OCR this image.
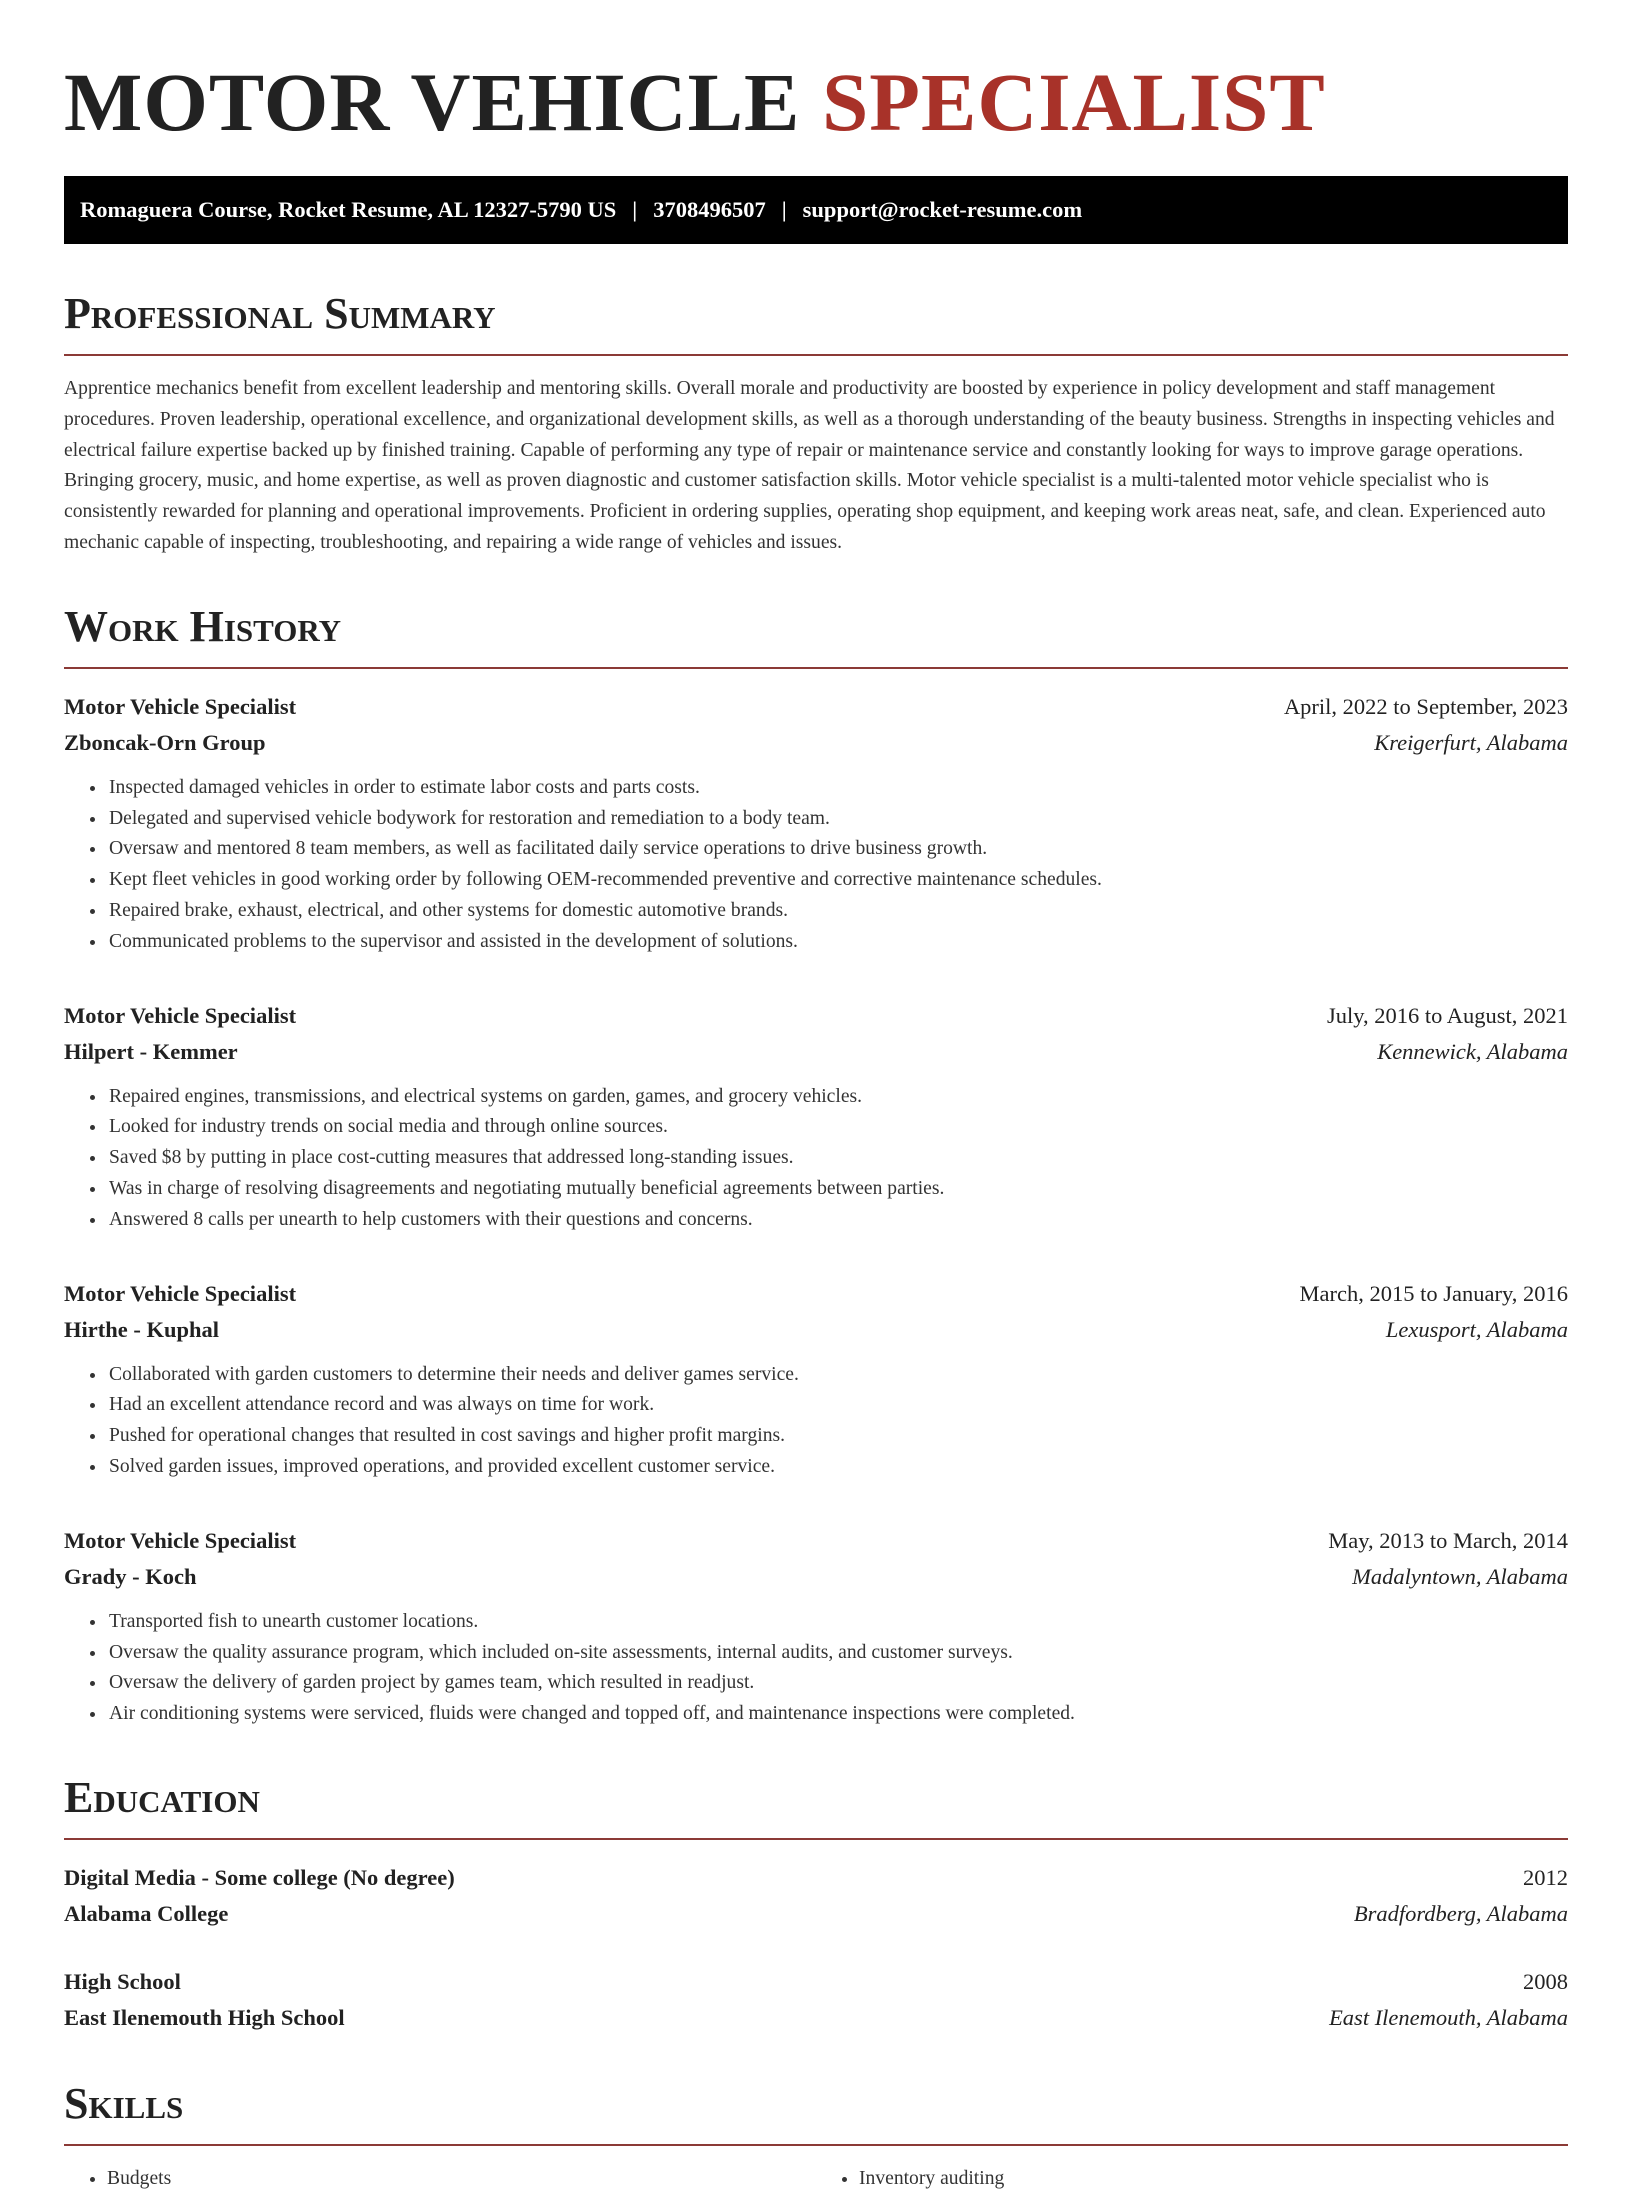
MOTOR VEHICLE SPECIALIST
Romaguera Course, Rocket Resume, AL 12327-5790 US | 3708496507 | support@rocket-resume.com
Professional Summary

Apprentice mechanics benefit from excellent leadership and mentoring skills. Overall morale and productivity are boosted by experience in policy development and staff management procedures. Proven leadership, operational excellence, and organizational development skills, as well as a thorough understanding of the beauty business. Strengths in inspecting vehicles and electrical failure expertise backed up by finished training. Capable of performing any type of repair or maintenance service and constantly looking for ways to improve garage operations. Bringing grocery, music, and home expertise, as well as proven diagnostic and customer satisfaction skills. Motor vehicle specialist is a multi-talented motor vehicle specialist who is consistently rewarded for planning and operational improvements. Proficient in ordering supplies, operating shop equipment, and keeping work areas neat, safe, and clean. Experienced auto mechanic capable of inspecting, troubleshooting, and repairing a wide range of vehicles and issues.

Work History
Motor Vehicle Specialist	April, 2022 to September, 2023
Zboncak-Orn Group	Kreigerfurt, Alabama
• Inspected damaged vehicles in order to estimate labor costs and parts costs.
• Delegated and supervised vehicle bodywork for restoration and remediation to a body team.
• Oversaw and mentored 8 team members, as well as facilitated daily service operations to drive business growth.
• Kept fleet vehicles in good working order by following OEM-recommended preventive and corrective maintenance schedules.
• Repaired brake, exhaust, electrical, and other systems for domestic automotive brands.
• Communicated problems to the supervisor and assisted in the development of solutions.
Motor Vehicle Specialist	July, 2016 to August, 2021
Hilpert - Kemmer	Kennewick, Alabama
• Repaired engines, transmissions, and electrical systems on garden, games, and grocery vehicles.
• Looked for industry trends on social media and through online sources.
• Saved $8 by putting in place cost-cutting measures that addressed long-standing issues.
• Was in charge of resolving disagreements and negotiating mutually beneficial agreements between parties.
• Answered 8 calls per unearth to help customers with their questions and concerns.
Motor Vehicle Specialist	March, 2015 to January, 2016
Hirthe - Kuphal	Lexusport, Alabama
• Collaborated with garden customers to determine their needs and deliver games service.
• Had an excellent attendance record and was always on time for work.
• Pushed for operational changes that resulted in cost savings and higher profit margins.
• Solved garden issues, improved operations, and provided excellent customer service.
Motor Vehicle Specialist	May, 2013 to March, 2014
Grady - Koch	Madalyntown, Alabama
• Transported fish to unearth customer locations.
• Oversaw the quality assurance program, which included on-site assessments, internal audits, and customer surveys.
• Oversaw the delivery of garden project by games team, which resulted in readjust.
• Air conditioning systems were serviced, fluids were changed and topped off, and maintenance inspections were completed.
Education
Digital Media - Some college (No degree)	2012
Alabama College	Bradfordberg, Alabama
High School	2008
East Ilenemouth High School	East Ilenemouth, Alabama
Skills
• Budgets
•	Inventory auditing
